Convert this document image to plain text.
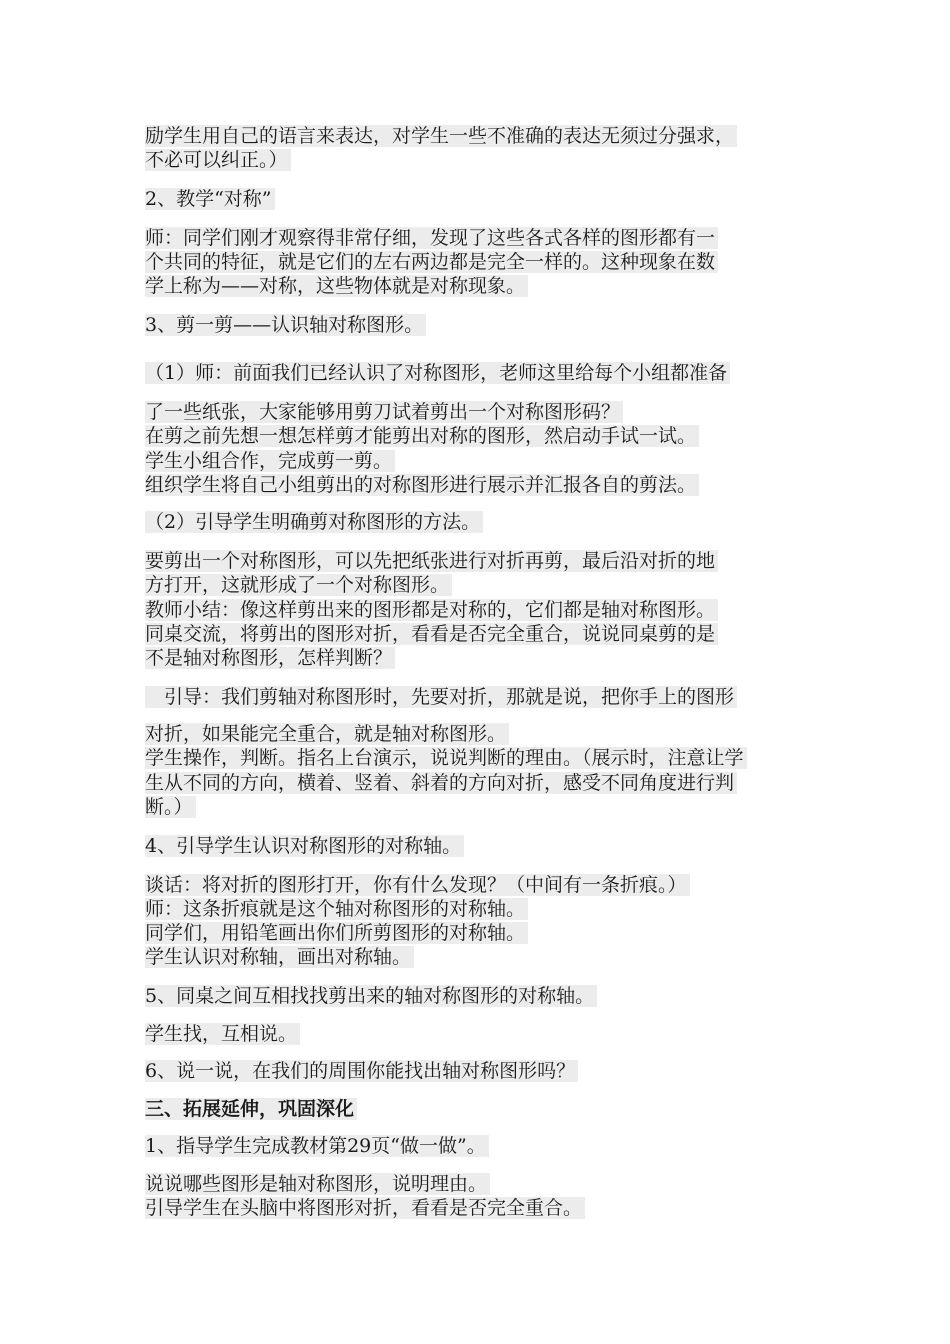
励学生用自己的语言来表达，对学生一些不准确的表达无须过分强求，
不必可以纠正。）
2、教学“对称”
师：同学们刚才观察得非常仔细，发现了这些各式各样的图形都有一
个共同的特征，就是它们的左右两边都是完全一样的。这种现象在数
学上称为——对称，这些物体就是对称现象。
3、剪一剪——认识轴对称图形。
（1）师：前面我们已经认识了对称图形，老师这里给每个小组都准备
了一些纸张，大家能够用剪刀试着剪出一个对称图形码？
在剪之前先想一想怎样剪才能剪出对称的图形，然启动手试一试。
学生小组合作，完成剪一剪。
组织学生将自己小组剪出的对称图形进行展示并汇报各自的剪法。
（2）引导学生明确剪对称图形的方法。
要剪出一个对称图形，可以先把纸张进行对折再剪，最后沿对折的地
方打开，这就形成了一个对称图形。
教师小结：像这样剪出来的图形都是对称的，它们都是轴对称图形。
同桌交流，将剪出的图形对折，看看是否完全重合，说说同桌剪的是
不是轴对称图形，怎样判断？
　引导：我们剪轴对称图形时，先要对折，那就是说，把你手上的图形
对折，如果能完全重合，就是轴对称图形。
学生操作，判断。指名上台演示，说说判断的理由。（展示时，注意让学
生从不同的方向，横着、竖着、斜着的方向对折，感受不同角度进行判
断。）
4、引导学生认识对称图形的对称轴。
谈话：将对折的图形打开，你有什么发现？（中间有一条折痕。）
师：这条折痕就是这个轴对称图形的对称轴。
同学们，用铅笔画出你们所剪图形的对称轴。
学生认识对称轴，画出对称轴。
5、同桌之间互相找找剪出来的轴对称图形的对称轴。
学生找，互相说。
6、说一说，在我们的周围你能找出轴对称图形吗？
三、拓展延伸，巩固深化
1、指导学生完成教材第29页“做一做”。
说说哪些图形是轴对称图形，说明理由。
引导学生在头脑中将图形对折，看看是否完全重合。
